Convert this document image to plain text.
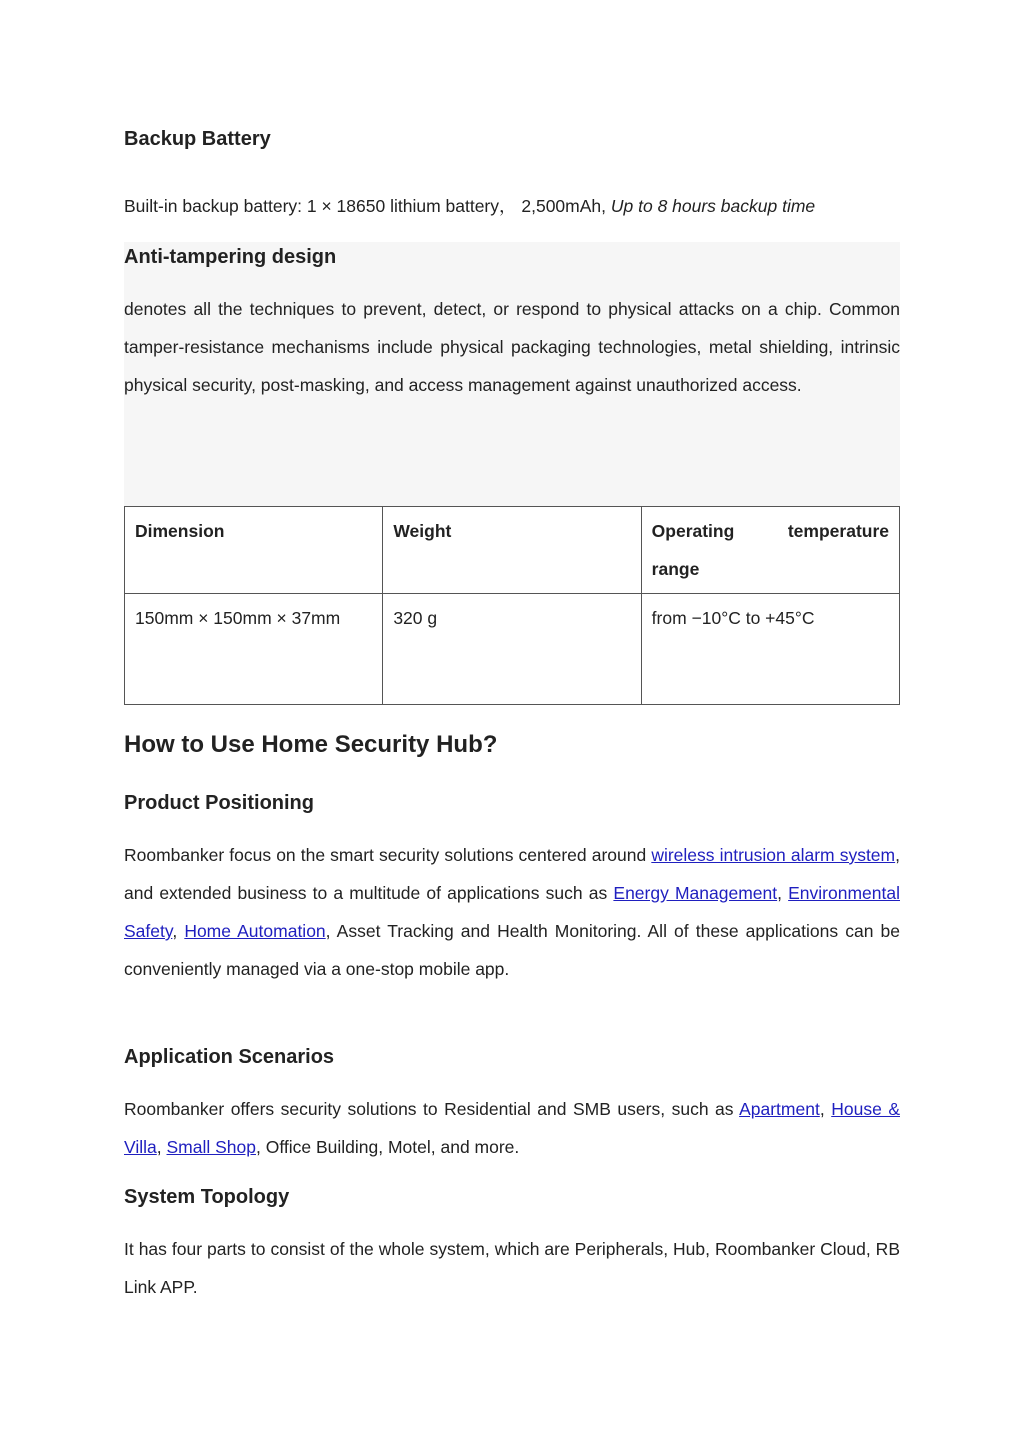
Backup Battery

Built-in backup battery: 1 × 18650 lithium battery， 2,500mAh, Up to 8 hours backup time

Anti-tampering design

denotes all the techniques to prevent, detect, or respond to physical attacks on a chip. Common tamper-resistance mechanisms include physical packaging technologies, metal shielding, intrinsic physical security, post-masking, and access management against unauthorized access.

Dimension	Weight	Operating temperature range
150mm × 150mm × 37mm	320 g	from −10°C to +45°C
How to Use Home Security Hub?
Product Positioning

Roombanker focus on the smart security solutions centered around wireless intrusion alarm system, and extended business to a multitude of applications such as Energy Management, Environmental Safety, Home Automation, Asset Tracking and Health Monitoring. All of these applications can be conveniently managed via a one-stop mobile app.

Application Scenarios

Roombanker offers security solutions to Residential and SMB users, such as Apartment, House & Villa, Small Shop, Office Building, Motel, and more.

System Topology

It has four parts to consist of the whole system, which are Peripherals, Hub, Roombanker Cloud, RB Link APP.
